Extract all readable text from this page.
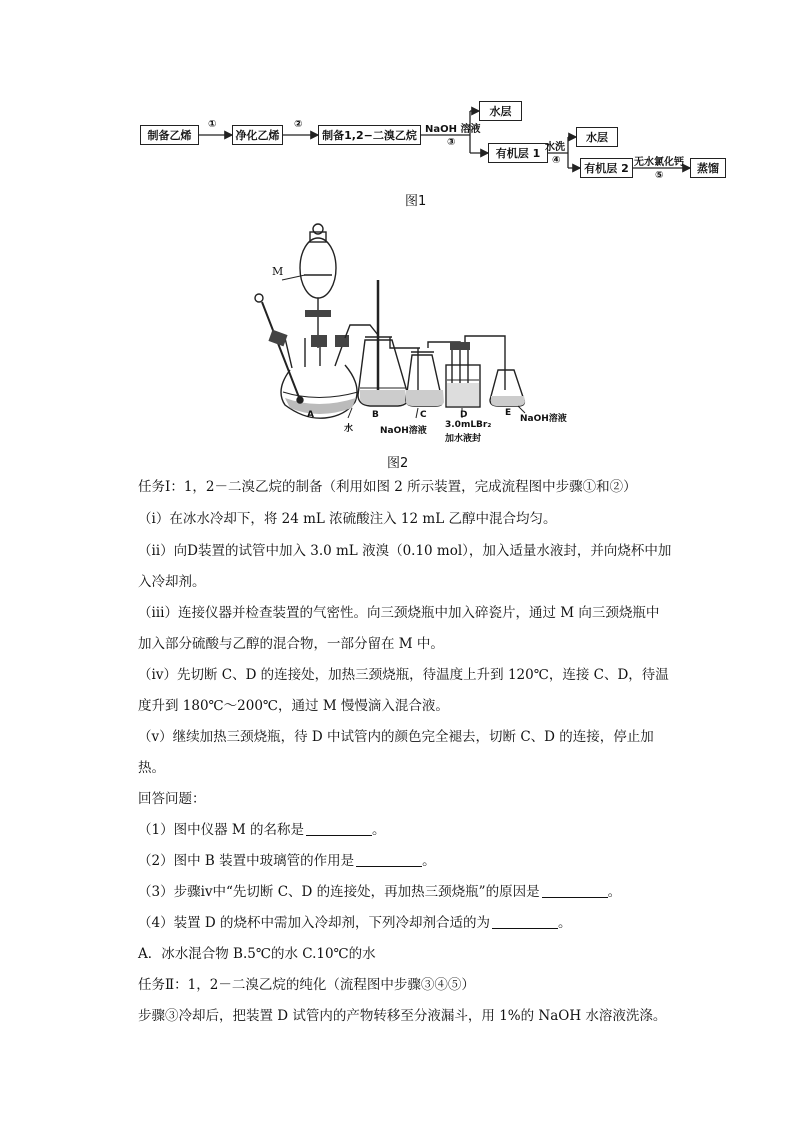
制备乙烯	净化乙烯	制备1,2−二溴乙烷
水层
有机层 1
水层
有机层 2	蒸馏
①	②	NaOH 溶液
③	水洗
④	无水氯化钙
⑤
图1
M
A	B	C	D	E
水	NaOH溶液
3.0mLBr₂
加水液封
NaOH溶液
图2
任务Ⅰ：1，2－二溴乙烷的制备（利用如图 2 所示装置，完成流程图中步骤①和②）
（ⅰ）在冰水冷却下，将 24 mL 浓硫酸注入 12 mL 乙醇中混合均匀。
（ⅱ）向D装置的试管中加入 3.0 mL 液溴（0.10 mol），加入适量水液封，并向烧杯中加
入冷却剂。
（ⅲ）连接仪器并检查装置的气密性。向三颈烧瓶中加入碎瓷片，通过 M 向三颈烧瓶中
加入部分硫酸与乙醇的混合物，一部分留在 M 中。
（ⅳ）先切断 C、D 的连接处，加热三颈烧瓶，待温度上升到 120℃，连接 C、D，待温
度升到 180℃～200℃，通过 M 慢慢滴入混合液。
（ⅴ）继续加热三颈烧瓶，待 D 中试管内的颜色完全褪去，切断 C、D 的连接，停止加
热。
回答问题：
（1）图中仪器 M 的名称是	。
（2）图中 B 装置中玻璃管的作用是	。
（3）步骤ⅳ中“先切断 C、D 的连接处，再加热三颈烧瓶”的原因是	。
（4）装置 D 的烧杯中需加入冷却剂，下列冷却剂合适的为	。
A．冰水混合物 B.5℃的水 C.10℃的水
任务Ⅱ：1，2－二溴乙烷的纯化（流程图中步骤③④⑤）
步骤③冷却后，把装置 D 试管内的产物转移至分液漏斗，用 1%的 NaOH 水溶液洗涤。
